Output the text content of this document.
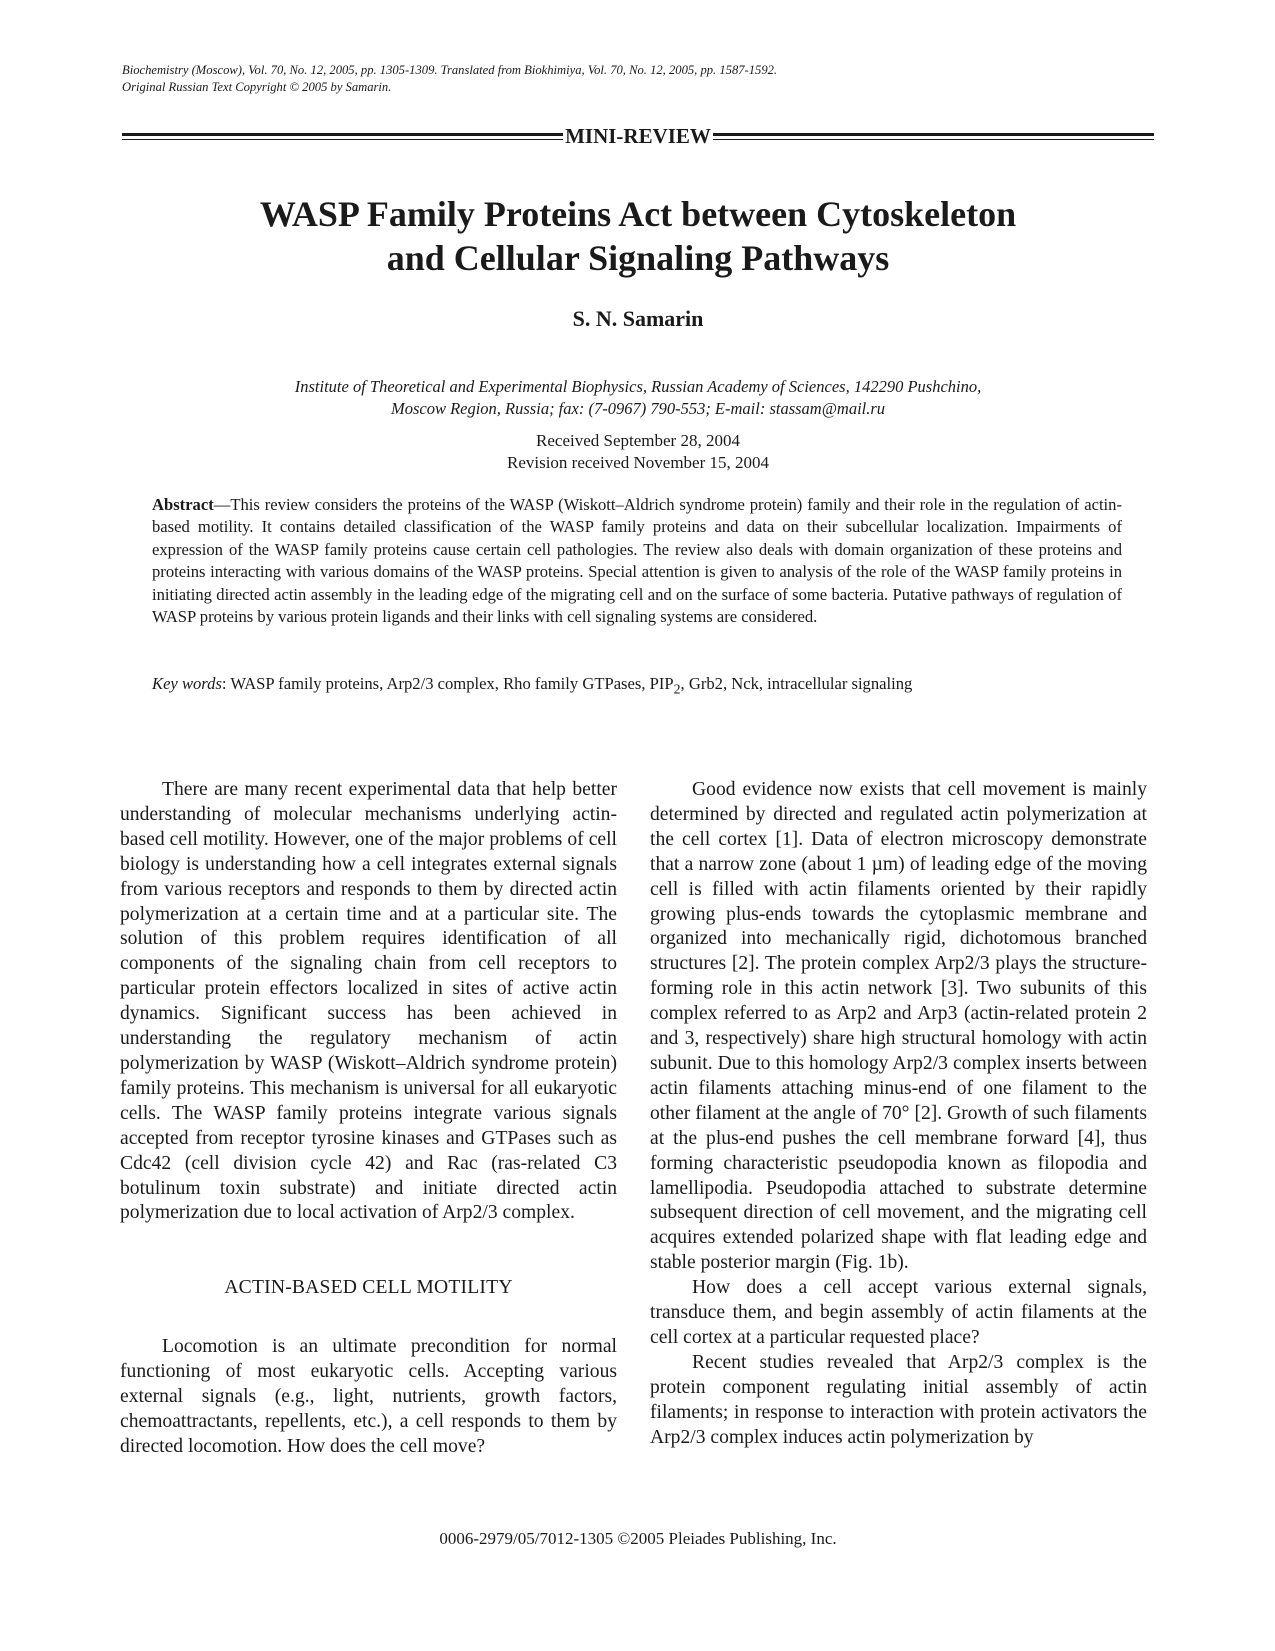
Biochemistry (Moscow), Vol. 70, No. 12, 2005, pp. 1305-1309. Translated from Biokhimiya, Vol. 70, No. 12, 2005, pp. 1587-1592.
Original Russian Text Copyright © 2005 by Samarin.
MINI-REVIEW
WASP Family Proteins Act between Cytoskeleton
and Cellular Signaling Pathways
S. N. Samarin
Institute of Theoretical and Experimental Biophysics, Russian Academy of Sciences, 142290 Pushchino,
Moscow Region, Russia; fax: (7-0967) 790-553; E-mail: stassam@mail.ru
Received September 28, 2004
Revision received November 15, 2004
Abstract—This review considers the proteins of the WASP (Wiskott–Aldrich syndrome protein) family and their role in the regulation of actin-based motility. It contains detailed classification of the WASP family proteins and data on their subcellular localization. Impairments of expression of the WASP family proteins cause certain cell pathologies. The review also deals with domain organization of these proteins and proteins interacting with various domains of the WASP proteins. Special attention is given to analysis of the role of the WASP family proteins in initiating directed actin assembly in the leading edge of the migrating cell and on the surface of some bacteria. Putative pathways of regulation of WASP proteins by various protein ligands and their links with cell signaling systems are considered.
Key words: WASP family proteins, Arp2/3 complex, Rho family GTPases, $PIP_2$, Grb2, Nck, intracellular signaling

There are many recent experimental data that help better understanding of molecular mechanisms underlying actin-based cell motility. However, one of the major problems of cell biology is understanding how a cell integrates external signals from various receptors and responds to them by directed actin polymerization at a certain time and at a particular site. The solution of this problem requires identification of all components of the signaling chain from cell receptors to particular protein effectors localized in sites of active actin dynamics. Significant success has been achieved in understanding the regulatory mechanism of actin polymerization by WASP (Wiskott–Aldrich syndrome protein) family proteins. This mechanism is universal for all eukaryotic cells. The WASP family proteins integrate various signals accepted from receptor tyrosine kinases and GTPases such as Cdc42 (cell division cycle 42) and Rac (ras-related C3 botulinum toxin substrate) and initiate directed actin polymerization due to local activation of Arp2/3 complex.

ACTIN-BASED CELL MOTILITY

Locomotion is an ultimate precondition for normal functioning of most eukaryotic cells. Accepting various external signals (e.g., light, nutrients, growth factors, chemoattractants, repellents, etc.), a cell responds to them by directed locomotion. How does the cell move?

Good evidence now exists that cell movement is mainly determined by directed and regulated actin polymerization at the cell cortex [1]. Data of electron microscopy demonstrate that a narrow zone (about 1 µm) of leading edge of the moving cell is filled with actin filaments oriented by their rapidly growing plus-ends towards the cytoplasmic membrane and organized into mechanically rigid, dichotomous branched structures [2]. The protein complex Arp2/3 plays the structure-forming role in this actin network [3]. Two subunits of this complex referred to as Arp2 and Arp3 (actin-related protein 2 and 3, respectively) share high structural homology with actin subunit. Due to this homology Arp2/3 complex inserts between actin filaments attaching minus-end of one filament to the other filament at the angle of 70° [2]. Growth of such filaments at the plus-end pushes the cell membrane forward [4], thus forming characteristic pseudopodia known as filopodia and lamellipodia. Pseudopodia attached to substrate determine subsequent direction of cell movement, and the migrating cell acquires extended polarized shape with flat leading edge and stable posterior margin (Fig. 1b).

How does a cell accept various external signals, transduce them, and begin assembly of actin filaments at the cell cortex at a particular requested place?

Recent studies revealed that Arp2/3 complex is the protein component regulating initial assembly of actin filaments; in response to interaction with protein activators the Arp2/3 complex induces actin polymerization by

0006-2979/05/7012-1305 ©2005 Pleiades Publishing, Inc.
